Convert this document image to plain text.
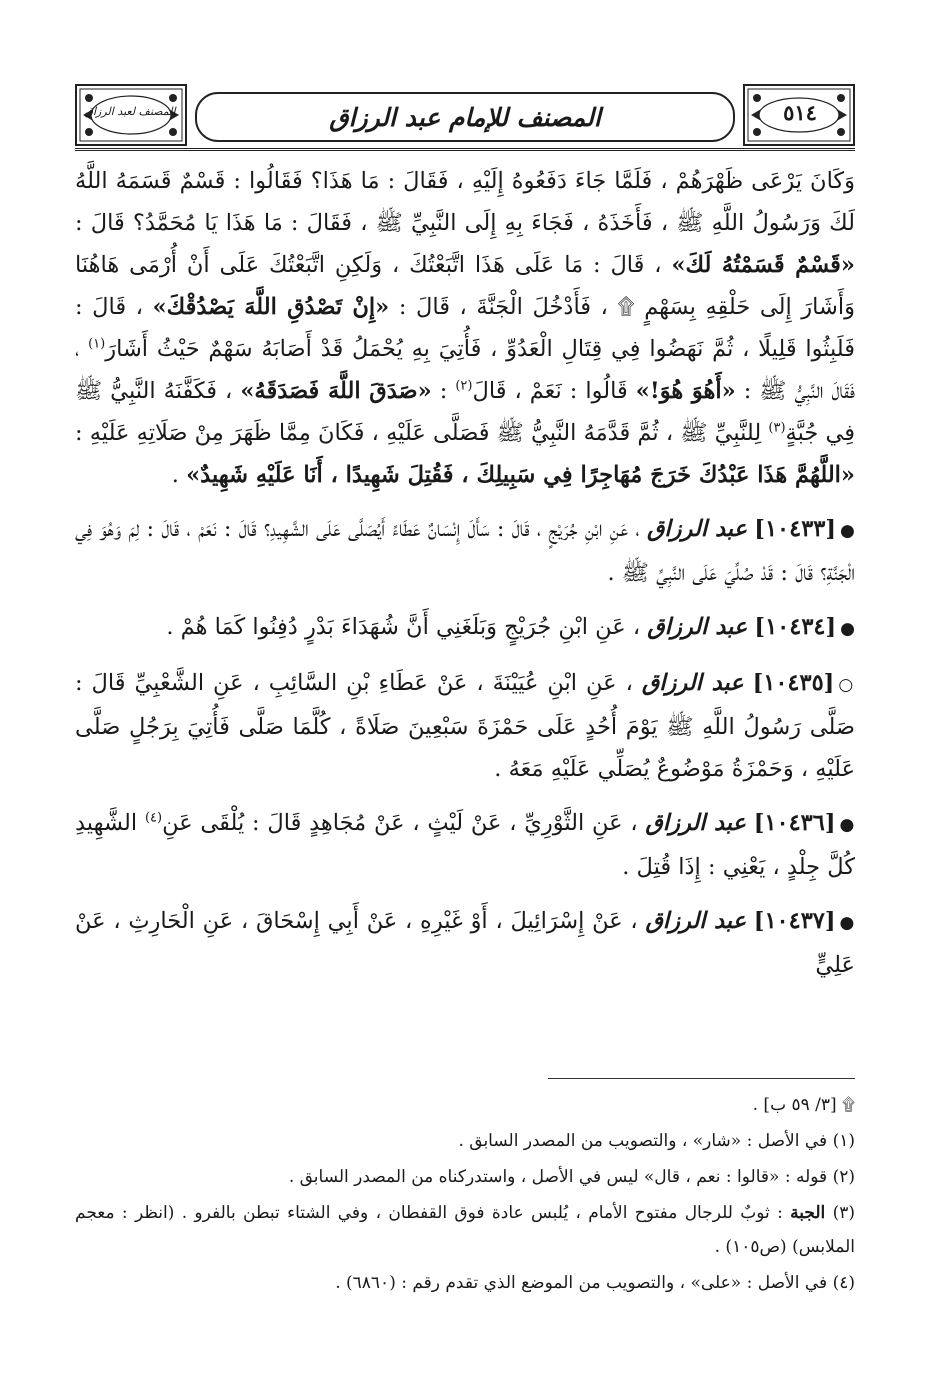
٥١٤
المصنف لعبد الرزاق	المصنف للإمام عبد الرزاق

وَكَانَ يَرْعَى ظَهْرَهُمْ ، فَلَمَّا جَاءَ دَفَعُوهُ إِلَيْهِ ، فَقَالَ : مَا هَذَا؟ فَقَالُوا : قَسْمٌ قَسَمَهُ اللَّهُ لَكَ وَرَسُولُ اللَّهِ ﷺ ، فَأَخَذَهُ ، فَجَاءَ بِهِ إِلَى النَّبِيِّ ﷺ ، فَقَالَ : مَا هَذَا يَا مُحَمَّدُ؟ قَالَ : «قَسْمٌ قَسَمْتُهُ لَكَ» ، قَالَ : مَا عَلَى هَذَا اتَّبَعْتُكَ ، وَلَكِنِ اتَّبَعْتُكَ عَلَى أَنْ أُرْمَى هَاهُنَا وَأَشَارَ إِلَى حَلْقِهِ بِسَهْمٍ ۩ ، فَأَدْخُلَ الْجَنَّةَ ، قَالَ : «إِنْ تَصْدُقِ اللَّهَ يَصْدُقْكَ» ، قَالَ : فَلَبِثُوا قَلِيلًا ، ثُمَّ نَهَضُوا فِي قِتَالِ الْعَدُوِّ ، فَأُتِيَ بِهِ يُحْمَلُ قَدْ أَصَابَهُ سَهْمٌ حَيْثُ أَشَارَ$^{(١)}$ ، فَقَالَ النَّبِيُّ ﷺ : «أَهُوَ هُوَ!» قَالُوا : نَعَمْ ، قَالَ$^{(٢)}$ : «صَدَقَ اللَّهَ فَصَدَقَهُ» ، فَكَفَّنَهُ النَّبِيُّ ﷺ فِي جُبَّةٍ$^{(٣)}$ لِلنَّبِيِّ ﷺ ، ثُمَّ قَدَّمَهُ النَّبِيُّ ﷺ فَصَلَّى عَلَيْهِ ، فَكَانَ مِمَّا ظَهَرَ مِنْ صَلَاتِهِ عَلَيْهِ : «اللَّهُمَّ هَذَا عَبْدُكَ خَرَجَ مُهَاجِرًا فِي سَبِيلِكَ ، فَقُتِلَ شَهِيدًا ، أَنَا عَلَيْهِ شَهِيدٌ» .

●[١٠٤٣٣] عبد الرزاق ، عَنِ ابْنِ جُرَيْجٍ ، قَالَ : سَأَلَ إِنْسَانٌ عَطَاءً أَيُصَلَّى عَلَى الشَّهِيدِ؟ قَالَ : نَعَمْ ، قَالَ : لِمَ وَهُوَ فِي الْجَنَّةِ؟ قَالَ : قَدْ صُلِّيَ عَلَى النَّبِيِّ ﷺ .

●[١٠٤٣٤] عبد الرزاق ، عَنِ ابْنِ جُرَيْجٍ وَبَلَغَنِي أَنَّ شُهَدَاءَ بَدْرٍ دُفِنُوا كَمَا هُمْ .

○[١٠٤٣٥] عبد الرزاق ، عَنِ ابْنِ عُيَيْنَةَ ، عَنْ عَطَاءِ بْنِ السَّائِبِ ، عَنِ الشَّعْبِيِّ قَالَ : صَلَّى رَسُولُ اللَّهِ ﷺ يَوْمَ أُحُدٍ عَلَى حَمْزَةَ سَبْعِينَ صَلَاةً ، كُلَّمَا صَلَّى فَأُتِيَ بِرَجُلٍ صَلَّى عَلَيْهِ ، وَحَمْزَةُ مَوْضُوعٌ يُصَلِّي عَلَيْهِ مَعَهُ .

●[١٠٤٣٦] عبد الرزاق ، عَنِ الثَّوْرِيِّ ، عَنْ لَيْثٍ ، عَنْ مُجَاهِدٍ قَالَ : يُلْقَى عَنِ$^{(٤)}$ الشَّهِيدِ كُلَّ جِلْدٍ ، يَعْنِي : إِذَا قُتِلَ .

●[١٠٤٣٧] عبد الرزاق ، عَنْ إِسْرَائِيلَ ، أَوْ غَيْرِهِ ، عَنْ أَبِي إِسْحَاقَ ، عَنِ الْحَارِثِ ، عَنْ عَلِيٍّ

۩ [٣/ ٥٩ ب] .

(١) في الأصل : «شار» ، والتصويب من المصدر السابق .

(٢) قوله : «قالوا : نعم ، قال» ليس في الأصل ، واستدركناه من المصدر السابق .

(٣) الجبة : ثوبٌ للرجال مفتوح الأمام ، يُلبس عادة فوق القفطان ، وفي الشتاء تبطن بالفرو . (انظر : معجم الملابس) (ص١٠٥) .

(٤) في الأصل : «على» ، والتصويب من الموضع الذي تقدم رقم : (٦٨٦٠) .
